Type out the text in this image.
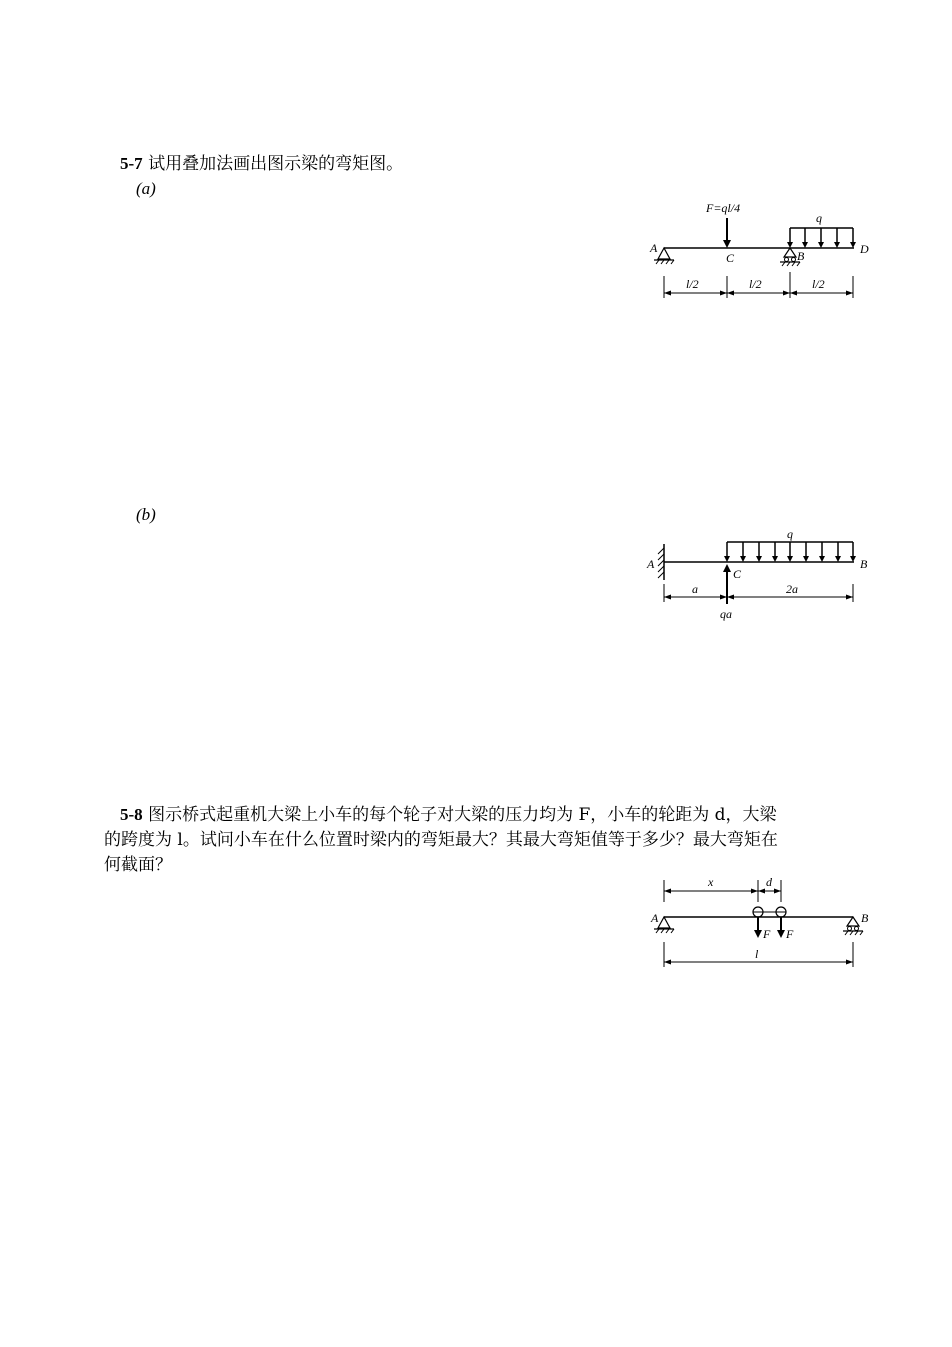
5-7 试用叠加法画出图示梁的弯矩图。
(a)
F=ql/4
q
A
C	B	D
l/2	l/2	l/2
(b)
q
A
C
B
a	2a
qa
5-8 图示桥式起重机大梁上小车的每个轮子对大梁的压力均为 F，小车的轮距为 d，大梁
的跨度为 l。试问小车在什么位置时梁内的弯矩最大？其最大弯矩值等于多少？最大弯矩在
何截面？
x	d
F F
A	B
l
